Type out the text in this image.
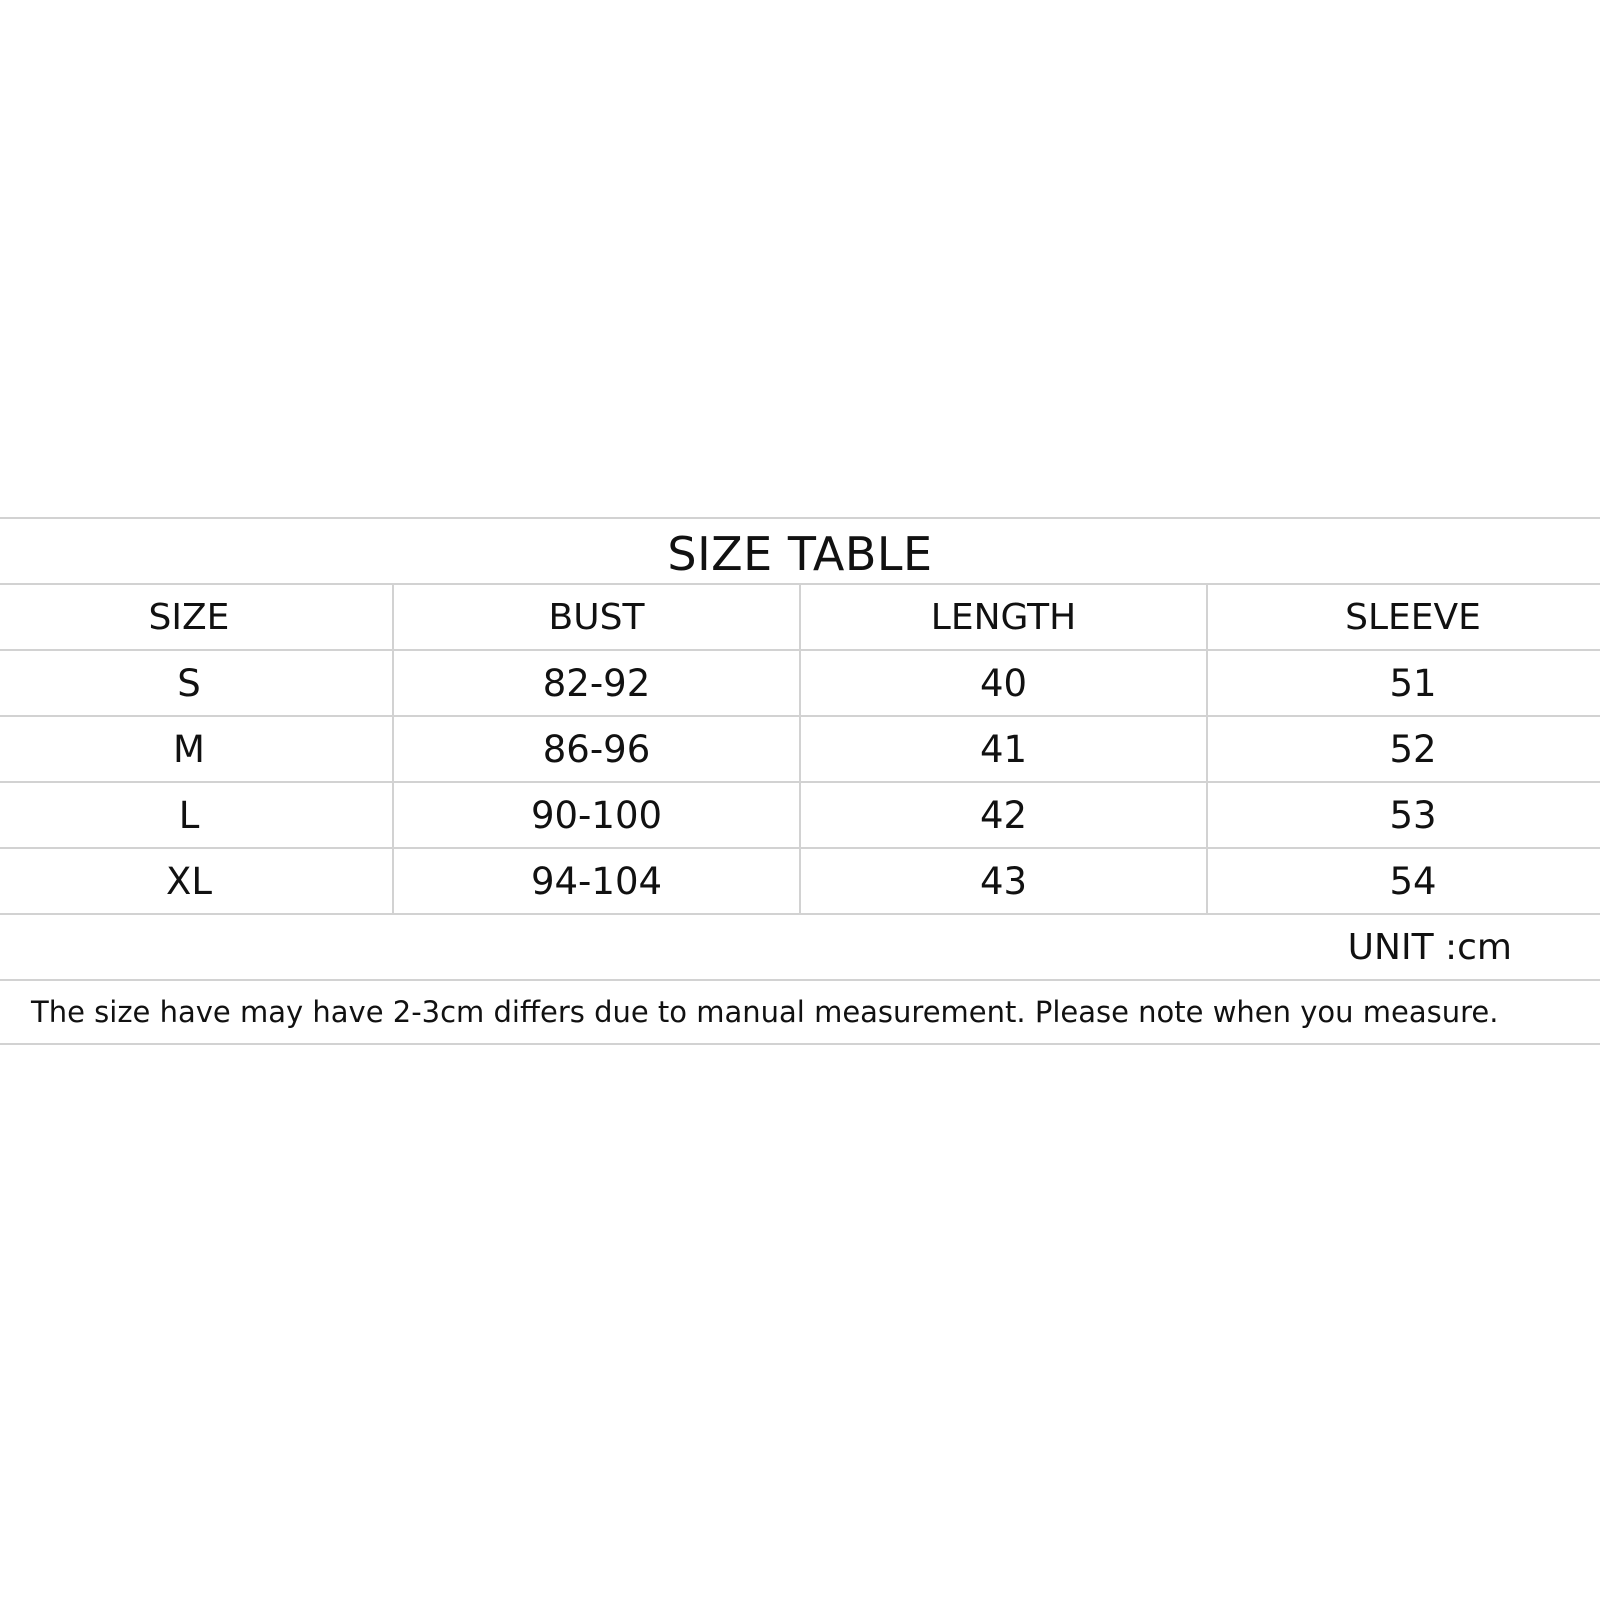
SIZE TABLE
SIZE	BUST	LENGTH	SLEEVE
S	82-92	40	51
M	86-96	41	52
L	90-100	42	53
XL	94-104	43	54
UNIT :cm
The size have may have 2-3cm differs due to manual measurement. Please note when you measure.
